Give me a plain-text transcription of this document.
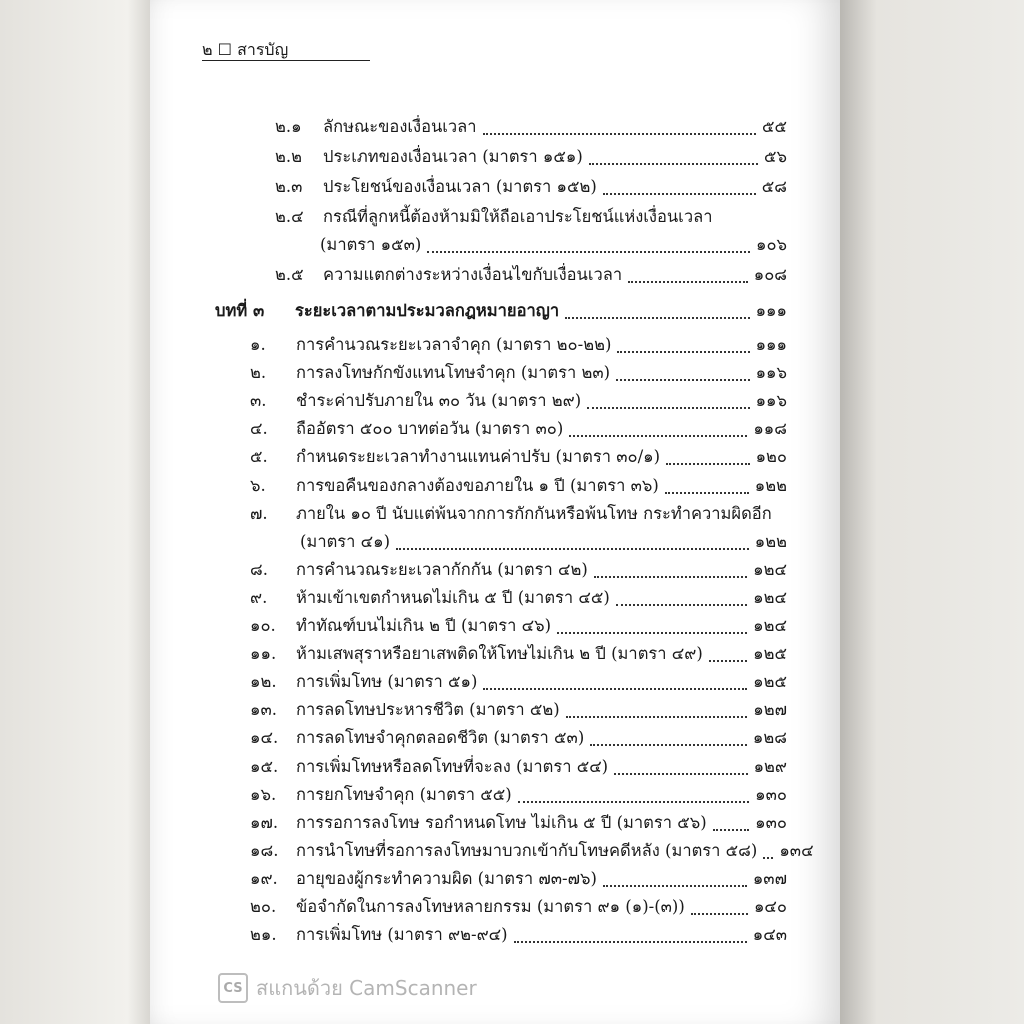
๒ ☐ สารบัญ
๒.๑	ลักษณะของเงื่อนเวลา	๕๕
๒.๒	ประเภทของเงื่อนเวลา (มาตรา ๑๕๑)	๕๖
๒.๓	ประโยชน์ของเงื่อนเวลา (มาตรา ๑๕๒)	๕๘
๒.๔	กรณีที่ลูกหนี้ต้องห้ามมิให้ถือเอาประโยชน์แห่งเงื่อนเวลา
(มาตรา ๑๕๓)	๑๐๖
๒.๕	ความแตกต่างระหว่างเงื่อนไขกับเงื่อนเวลา	๑๐๘
บทที่ ๓	ระยะเวลาตามประมวลกฎหมายอาญา	๑๑๑
๑.	การคำนวณระยะเวลาจำคุก (มาตรา ๒๐-๒๒)	๑๑๑
๒.	การลงโทษกักขังแทนโทษจำคุก (มาตรา ๒๓)	๑๑๖
๓.	ชำระค่าปรับภายใน ๓๐ วัน (มาตรา ๒๙)	๑๑๖
๔.	ถืออัตรา ๕๐๐ บาทต่อวัน (มาตรา ๓๐)	๑๑๘
๕.	กำหนดระยะเวลาทำงานแทนค่าปรับ (มาตรา ๓๐/๑)	๑๒๐
๖.	การขอคืนของกลางต้องขอภายใน ๑ ปี (มาตรา ๓๖)	๑๒๒
๗.	ภายใน ๑๐ ปี นับแต่พ้นจากการกักกันหรือพ้นโทษ กระทำความผิดอีก
(มาตรา ๔๑)	๑๒๒
๘.	การคำนวณระยะเวลากักกัน (มาตรา ๔๒)	๑๒๔
๙.	ห้ามเข้าเขตกำหนดไม่เกิน ๕ ปี (มาตรา ๔๕)	๑๒๔
๑๐.	ทำทัณฑ์บนไม่เกิน ๒ ปี (มาตรา ๔๖)	๑๒๔
๑๑.	ห้ามเสพสุราหรือยาเสพติดให้โทษไม่เกิน ๒ ปี (มาตรา ๔๙)	๑๒๕
๑๒.	การเพิ่มโทษ (มาตรา ๕๑)	๑๒๕
๑๓.	การลดโทษประหารชีวิต (มาตรา ๕๒)	๑๒๗
๑๔.	การลดโทษจำคุกตลอดชีวิต (มาตรา ๕๓)	๑๒๘
๑๕.	การเพิ่มโทษหรือลดโทษที่จะลง (มาตรา ๕๔)	๑๒๙
๑๖.	การยกโทษจำคุก (มาตรา ๕๕)	๑๓๐
๑๗.	การรอการลงโทษ รอกำหนดโทษ ไม่เกิน ๕ ปี (มาตรา ๕๖)	๑๓๐
๑๘.	การนำโทษที่รอการลงโทษมาบวกเข้ากับโทษคดีหลัง (มาตรา ๕๘) ๑๓๔
๑๙.	อายุของผู้กระทำความผิด (มาตรา ๗๓-๗๖)	๑๓๗
๒๐.	ข้อจำกัดในการลงโทษหลายกรรม (มาตรา ๙๑ (๑)-(๓))	๑๔๐
๒๑.	การเพิ่มโทษ (มาตรา ๙๒-๙๔)	๑๔๓
CS สแกนด้วย CamScanner
